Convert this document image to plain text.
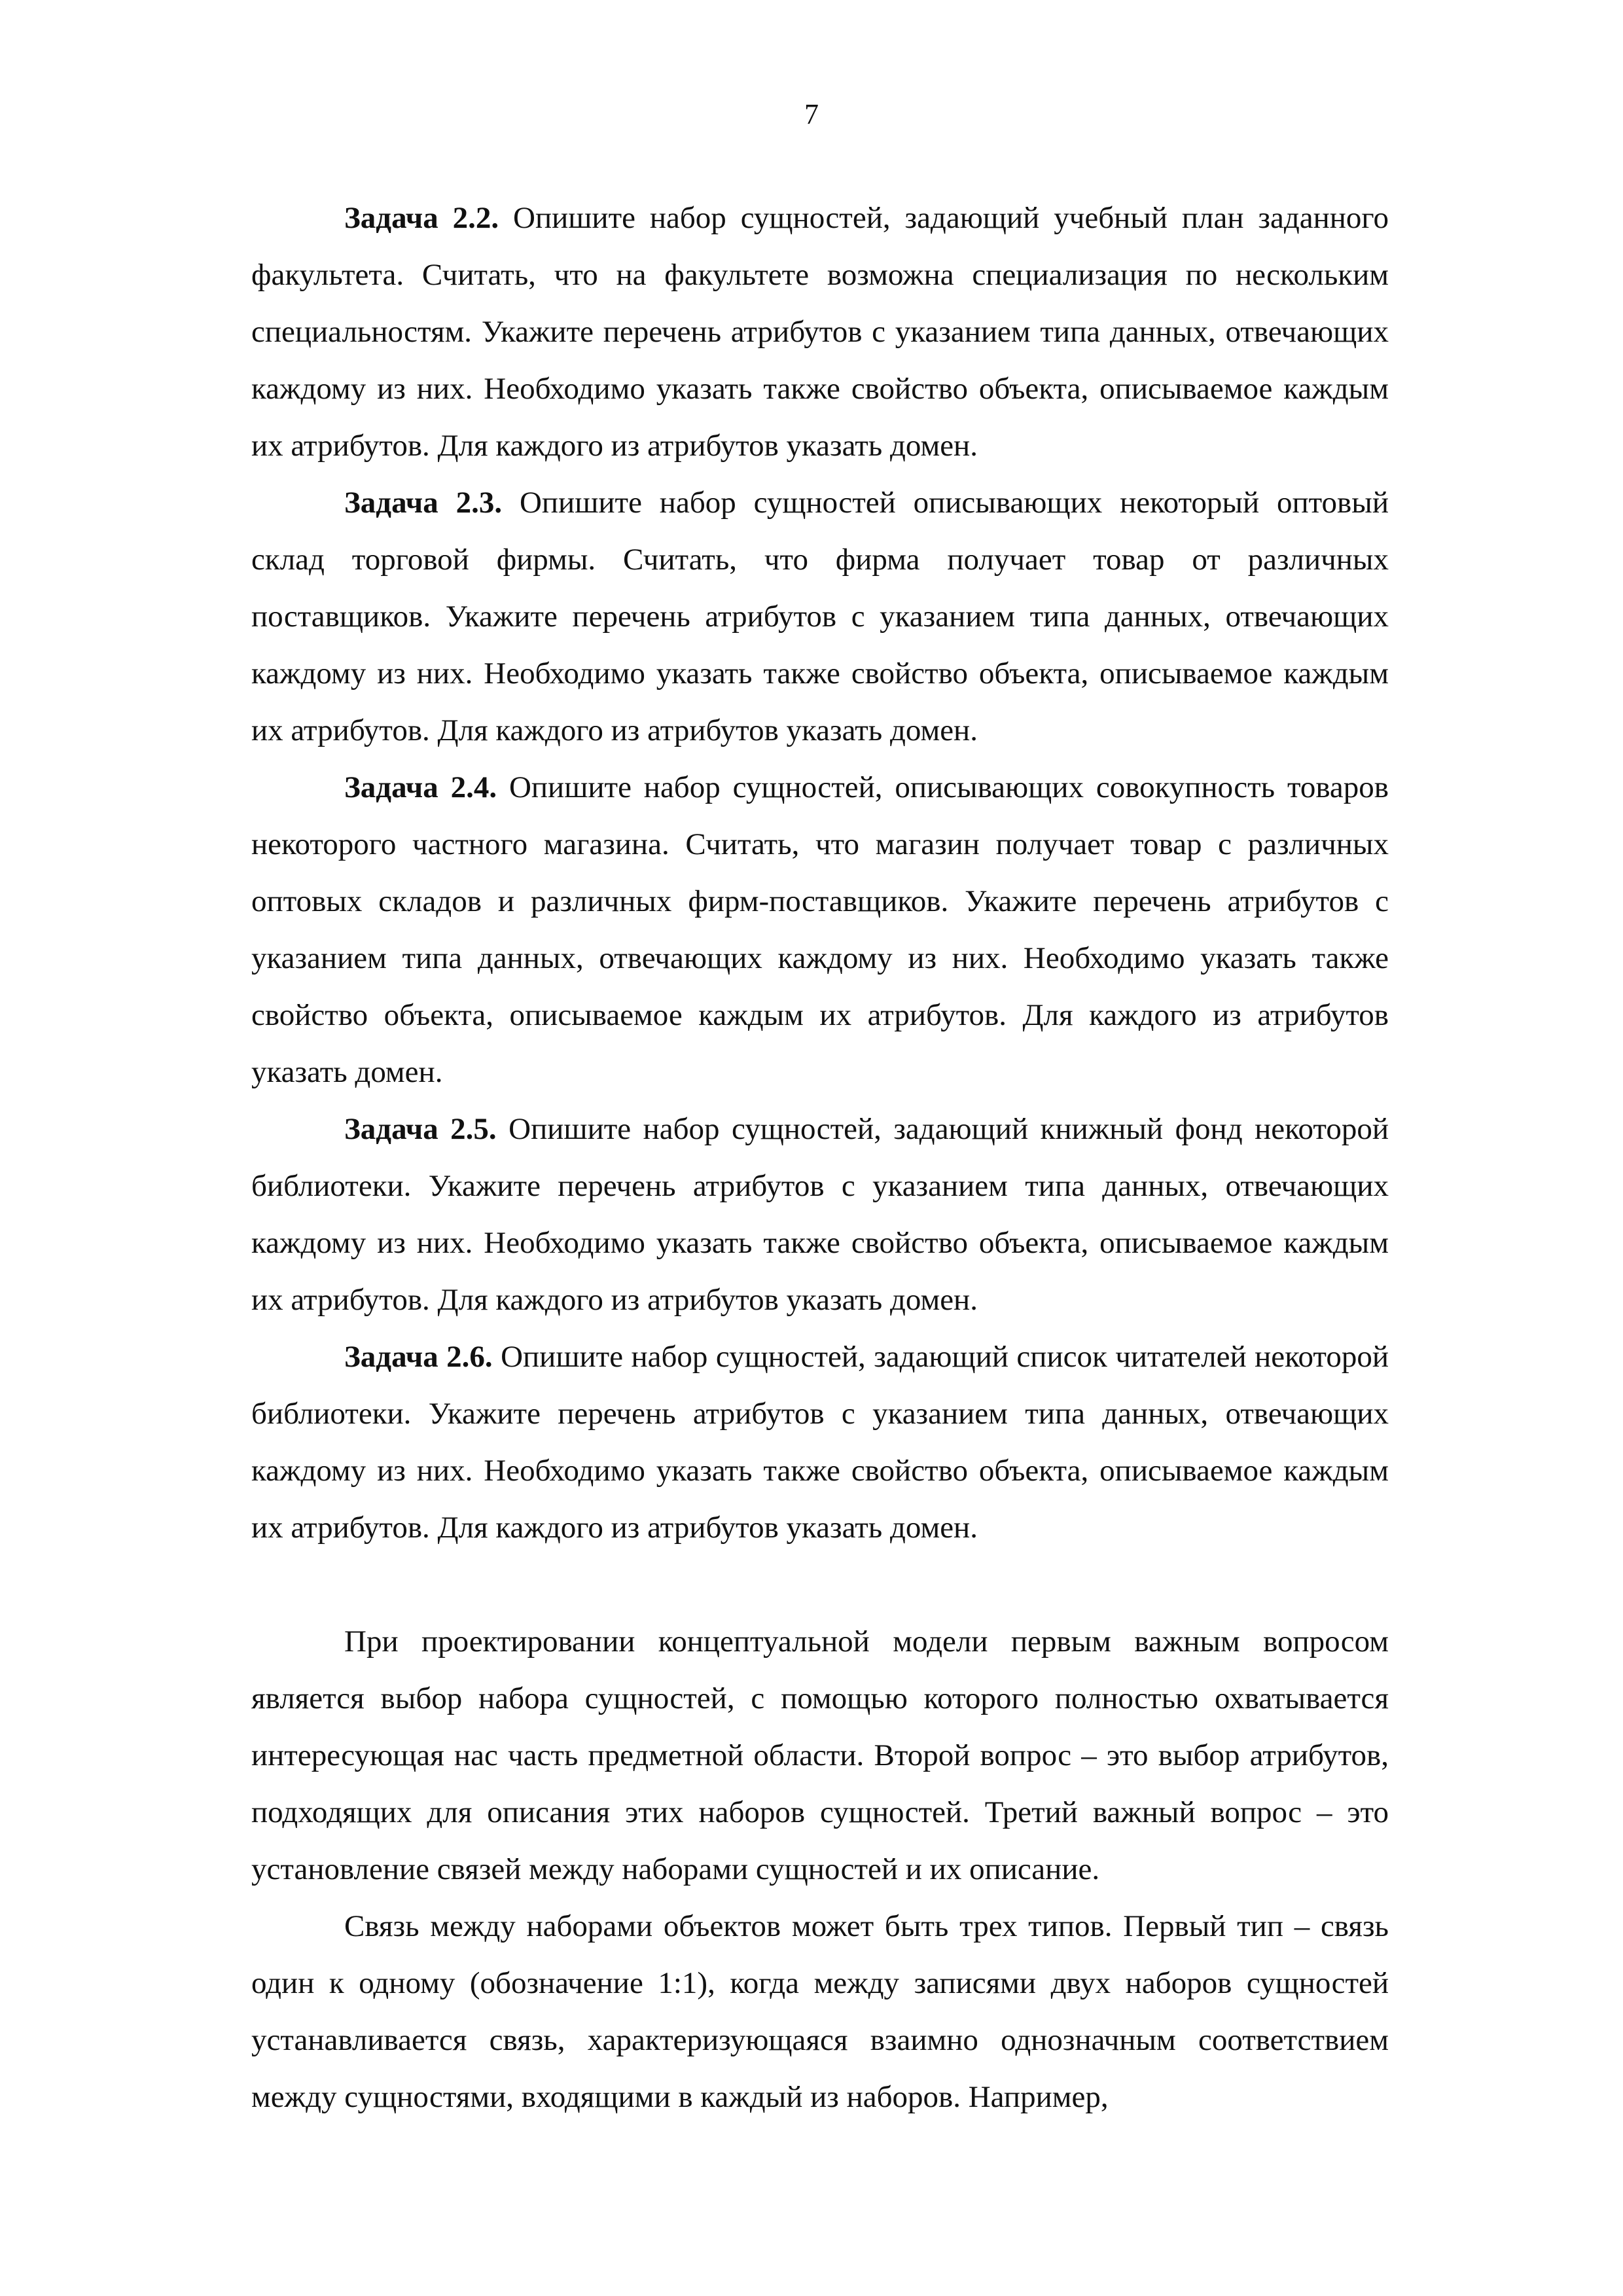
7

Задача 2.2. Опишите набор сущностей, задающий учебный план заданного факультета. Считать, что на факультете возможна специализация по нескольким специальностям. Укажите перечень атрибутов с указанием типа данных, отвечающих каждому из них. Необходимо указать также свойство объекта, описываемое каждым их атрибутов. Для каждого из атрибутов указать домен.

Задача 2.3. Опишите набор сущностей описывающих некоторый оптовый склад торговой фирмы. Считать, что фирма получает товар от различных поставщиков. Укажите перечень атрибутов с указанием типа данных, отвечающих каждому из них. Необходимо указать также свойство объекта, описываемое каждым их атрибутов. Для каждого из атрибутов указать домен.

Задача 2.4. Опишите набор сущностей, описывающих совокупность товаров некоторого частного магазина. Считать, что магазин получает товар с различных оптовых складов и различных фирм-поставщиков. Укажите перечень атрибутов с указанием типа данных, отвечающих каждому из них. Необходимо указать также свойство объекта, описываемое каждым их атрибутов. Для каждого из атрибутов указать домен.

Задача 2.5. Опишите набор сущностей, задающий книжный фонд некоторой библиотеки. Укажите перечень атрибутов с указанием типа данных, отвечающих каждому из них. Необходимо указать также свойство объекта, описываемое каждым их атрибутов. Для каждого из атрибутов указать домен.

Задача 2.6. Опишите набор сущностей, задающий список читателей некоторой библиотеки. Укажите перечень атрибутов с указанием типа данных, отвечающих каждому из них. Необходимо указать также свойство объекта, описываемое каждым их атрибутов. Для каждого из атрибутов указать домен.

При проектировании концептуальной модели первым важным вопросом является выбор набора сущностей, с помощью которого полностью охватывается интересующая нас часть предметной области. Второй вопрос – это выбор атрибутов, подходящих для описания этих наборов сущностей. Третий важный вопрос – это установление связей между наборами сущностей и их описание.

Связь между наборами объектов может быть трех типов. Первый тип – связь один к одному (обозначение 1:1), когда между записями двух наборов сущностей устанавливается связь, характеризующаяся взаимно однозначным соответствием между сущностями, входящими в каждый из наборов. Например,
